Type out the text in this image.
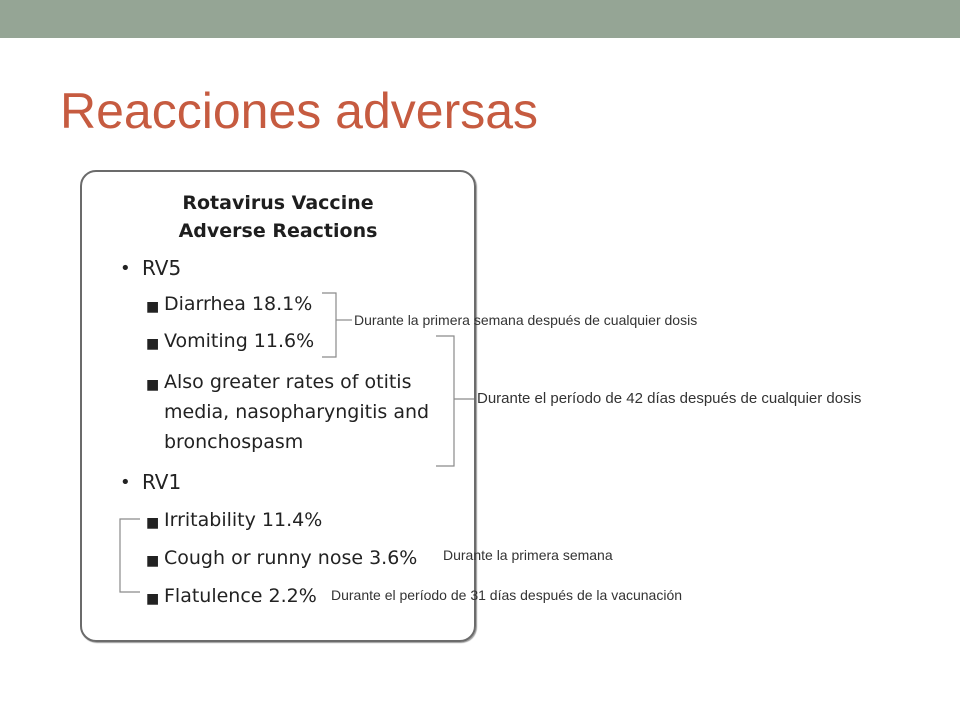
Reacciones adversas
Rotavirus Vaccine
Adverse Reactions
• RV5
■ Diarrhea 18.1%
■ Vomiting 11.6%
■ Also greater rates of otitis
media, nasopharyngitis and
bronchospasm
• RV1
■ Irritability 11.4%
■ Cough or runny nose 3.6%
■ Flatulence 2.2%
Durante la primera semana después de cualquier dosis
Durante el período de 42 días después de cualquier dosis
Durante la primera semana
Durante el período de 31 días después de la vacunación
